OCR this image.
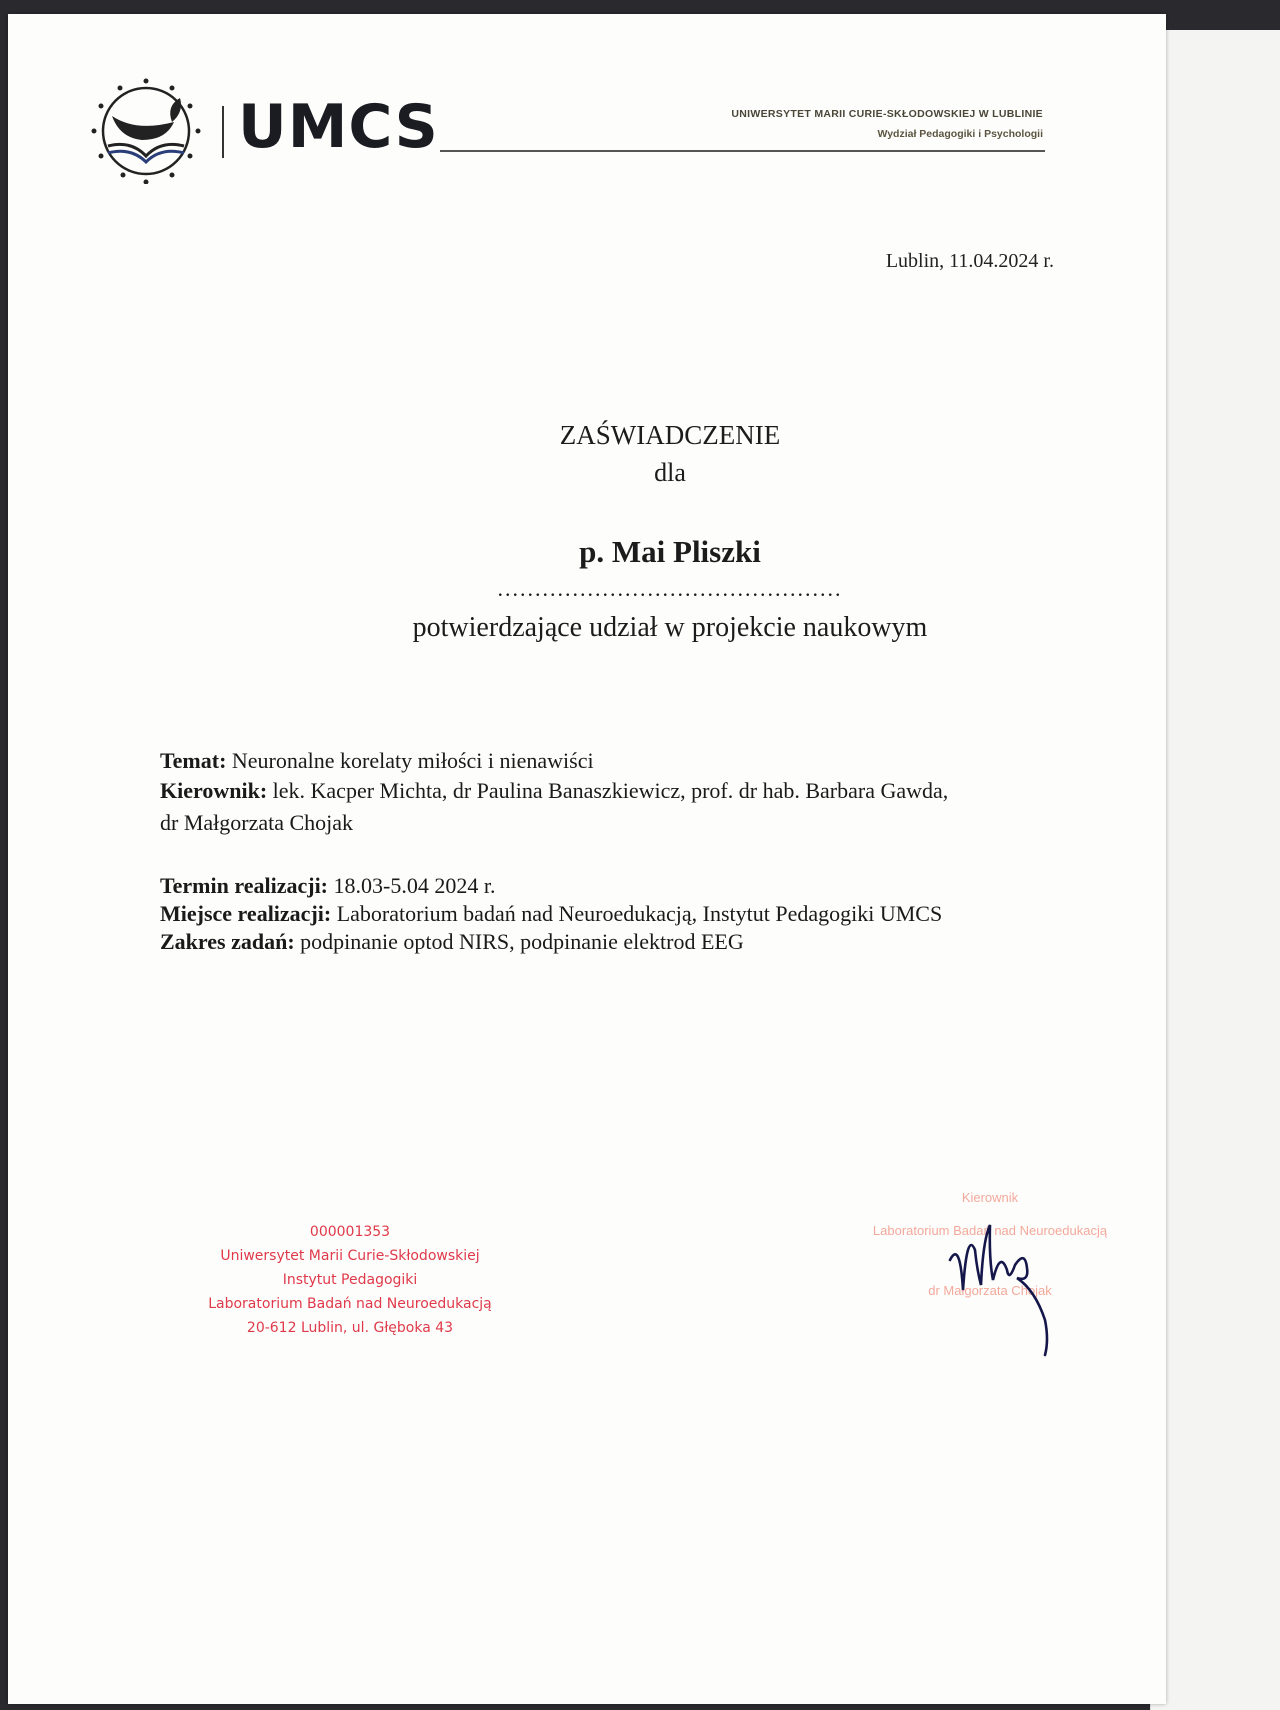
UMCS	UNIWERSYTET MARII CURIE-SKŁODOWSKIEJ W LUBLINIE
Wydział Pedagogiki i Psychologii
Lublin, 11.04.2024 r.
ZAŚWIADCZENIE
dla
p. Mai Pliszki
..............................................
potwierdzające udział w projekcie naukowym
Temat: Neuronalne korelaty miłości i nienawiści
Kierownik: lek. Kacper Michta, dr Paulina Banaszkiewicz, prof. dr hab. Barbara Gawda,
dr Małgorzata Chojak
Termin realizacji: 18.03-5.04 2024 r.
Miejsce realizacji: Laboratorium badań nad Neuroedukacją, Instytut Pedagogiki UMCS
Zakres zadań: podpinanie optod NIRS, podpinanie elektrod EEG
000001353
Uniwersytet Marii Curie-Skłodowskiej
Instytut Pedagogiki
Laboratorium Badań nad Neuroedukacją
20-612 Lublin, ul. Głęboka 43
Kierownik
Laboratorium Badań nad Neuroedukacją
dr Małgorzata Chojak
